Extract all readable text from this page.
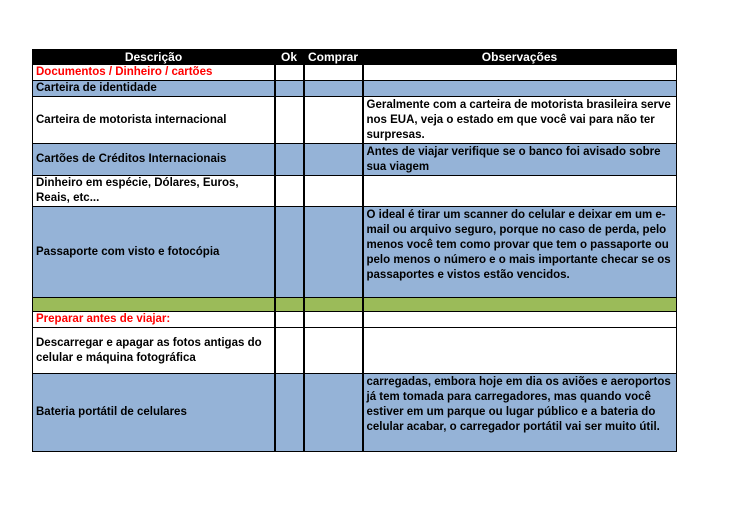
Descrição	Ok	Comprar	Observações
Documentos / Dinheiro / cartões			
Carteira de identidade			
Carteira de motorista internacional			Geralmente com a carteira de motorista brasileira serve nos EUA, veja o estado em que você vai para não ter surpresas.
Cartões de Créditos Internacionais			Antes de viajar verifique se o banco foi avisado sobre sua viagem
Dinheiro em espécie, Dólares, Euros, Reais, etc...			
Passaporte com visto e fotocópia			O ideal é tirar um scanner do celular e deixar em um e-mail ou arquivo seguro, porque no caso de perda, pelo menos você tem como provar que tem o passaporte ou pelo menos o número e o mais importante checar se os passaportes e vistos estão vencidos.

Preparar antes de viajar:			
Descarregar e apagar as fotos antigas do celular e máquina fotográfica			
Bateria portátil de celulares			carregadas, embora hoje em dia os aviões e aeroportos já tem tomada para carregadores, mas quando você estiver em um parque ou lugar público e a bateria do celular acabar, o carregador portátil vai ser muito útil.
